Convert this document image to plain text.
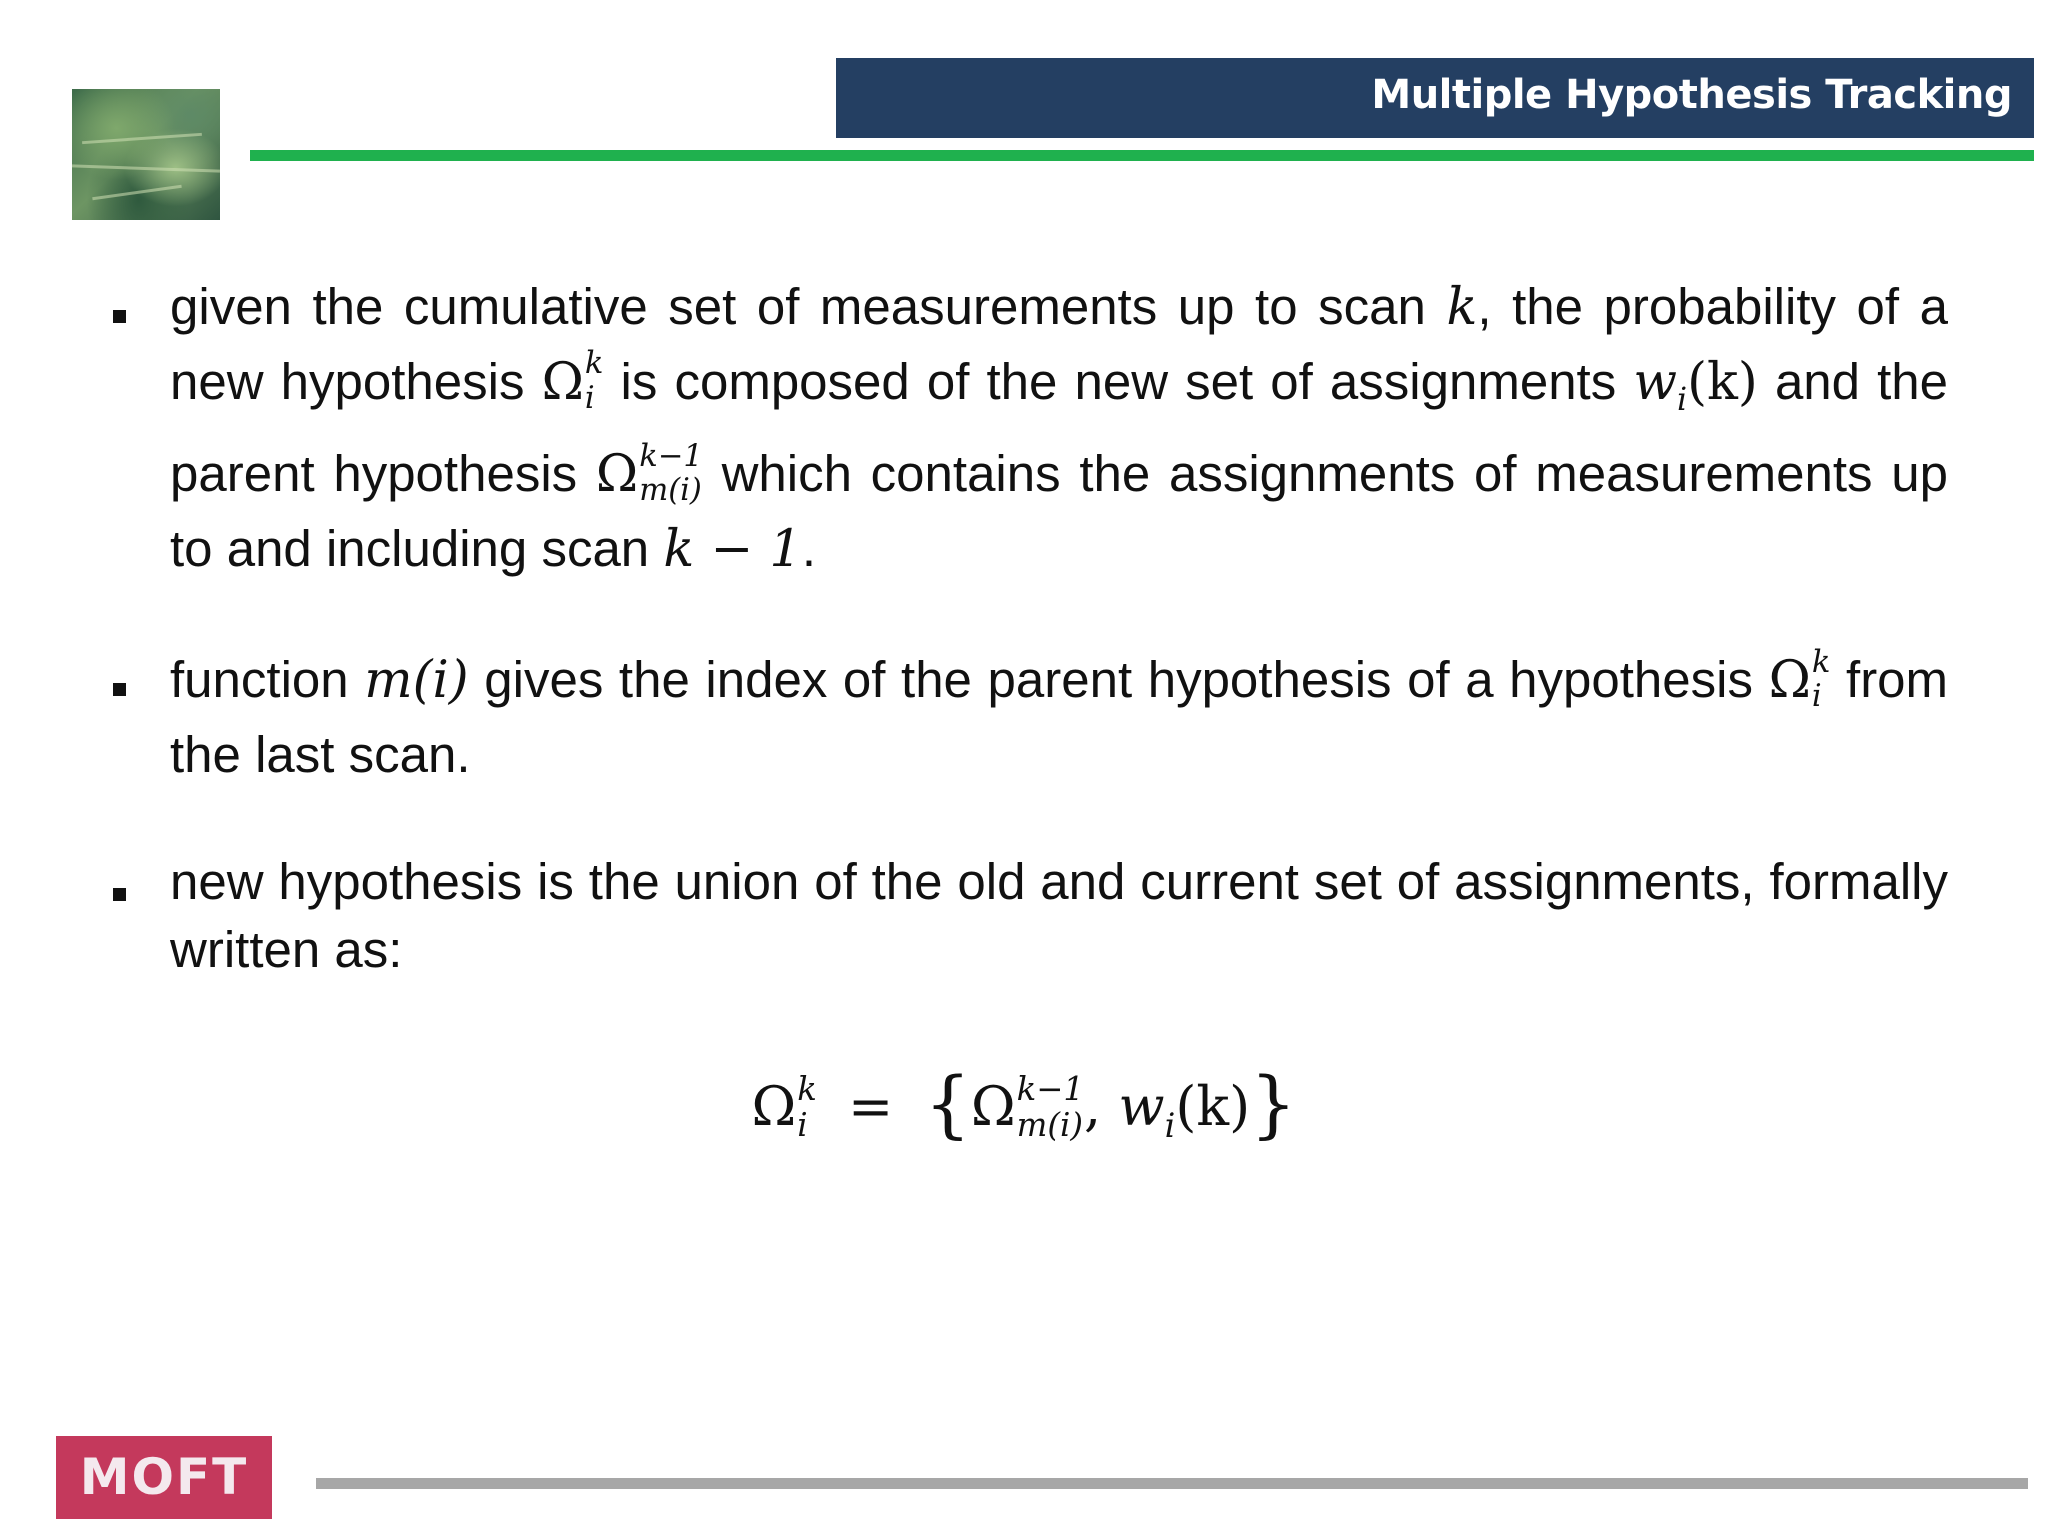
Multiple Hypothesis Tracking

given the cumulative set of measurements up to scan k, the probability of a new hypothesis Ω k
i is composed of the new set of assignments $w_i(k)$ and the parent hypothesis Ω k−1
m(i) which contains the assignments of measurements up to and including scan k − 1.

function m(i) gives the index of the parent hypothesis of a hypothesis Ω k
i from the last scan.

new hypothesis is the union of the old and current set of assignments, formally written as:

Ω k
i = {Ω k−1
m(i) , $w_i(k)$}
MOFT
